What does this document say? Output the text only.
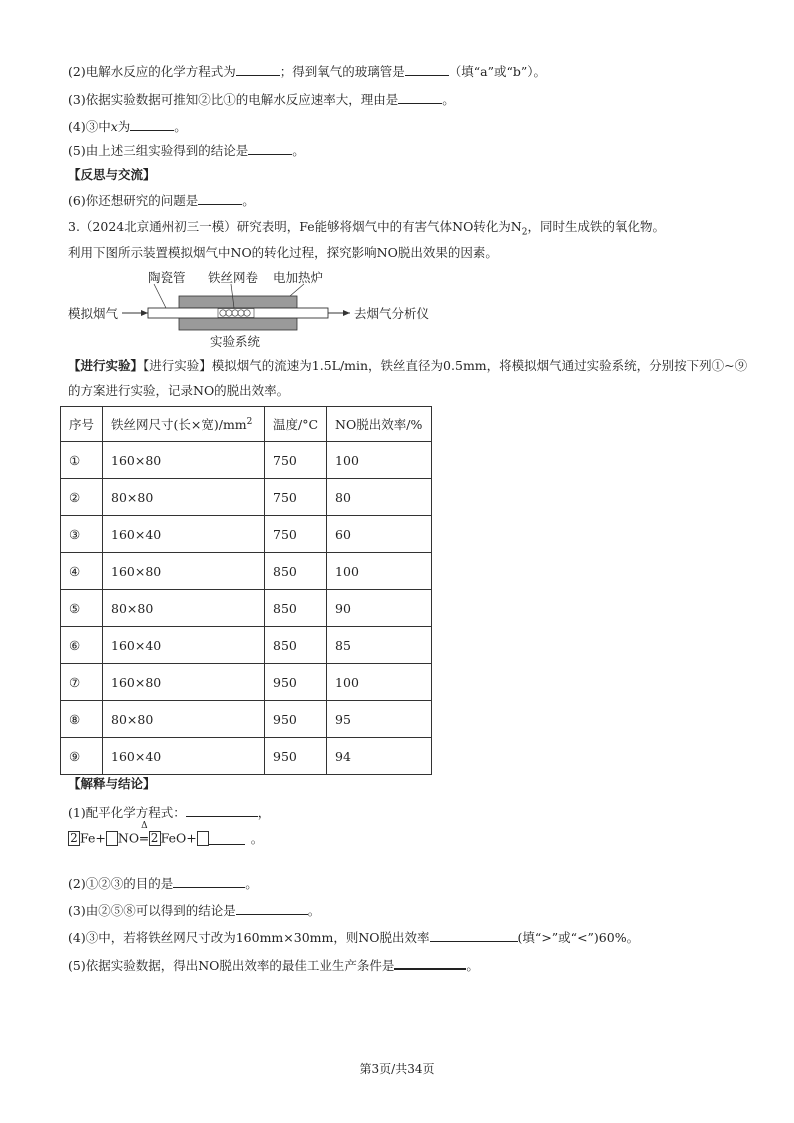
(2)电解水反应的化学方程式为	；得到氧气的玻璃管是	（填“a”或“b”）。
(3)依据实验数据可推知②比①的电解水反应速率大，理由是	。
(4)③中x为	。
(5)由上述三组实验得到的结论是	。
【反思与交流】
(6)你还想研究的问题是	。
3.（2024北京通州初三一模）研究表明，Fe能够将烟气中的有害气体NO转化为$N_2$，同时生成铁的氧化物。
利用下图所示装置模拟烟气中NO的转化过程，探究影响NO脱出效果的因素。
陶瓷管 铁丝网卷 电加热炉
模拟烟气	去烟气分析仪
实验系统
【进行实验】【进行实验】模拟烟气的流速为1.5L/min，铁丝直径为0.5mm，将模拟烟气通过实验系统，分别按下列①~⑨
的方案进行实验，记录NO的脱出效率。
序号	铁丝网尺寸(长×宽)$/mm^2$	温度/°C	NO脱出效率/%
①	160×80	750	100
②	80×80	750	80
③	160×40	750	60
④	160×80	850	100
⑤	80×80	850	90
⑥	160×40	850	85
⑦	160×80	950	100
⑧	80×80	950	95
⑨	160×40	950	94
【解释与结论】
(1)配平化学方程式：	，
2 Fe+ NO
Δ
═ 2 FeO+	。
(2)①②③的目的是	。
(3)由②⑤⑧可以得到的结论是	。
(4)③中，若将铁丝网尺寸改为160mm×30mm，则NO脱出效率	(填“>”或“<”)60%。
(5)依据实验数据，得出NO脱出效率的最佳工业生产条件是	。
第3页/共34页
